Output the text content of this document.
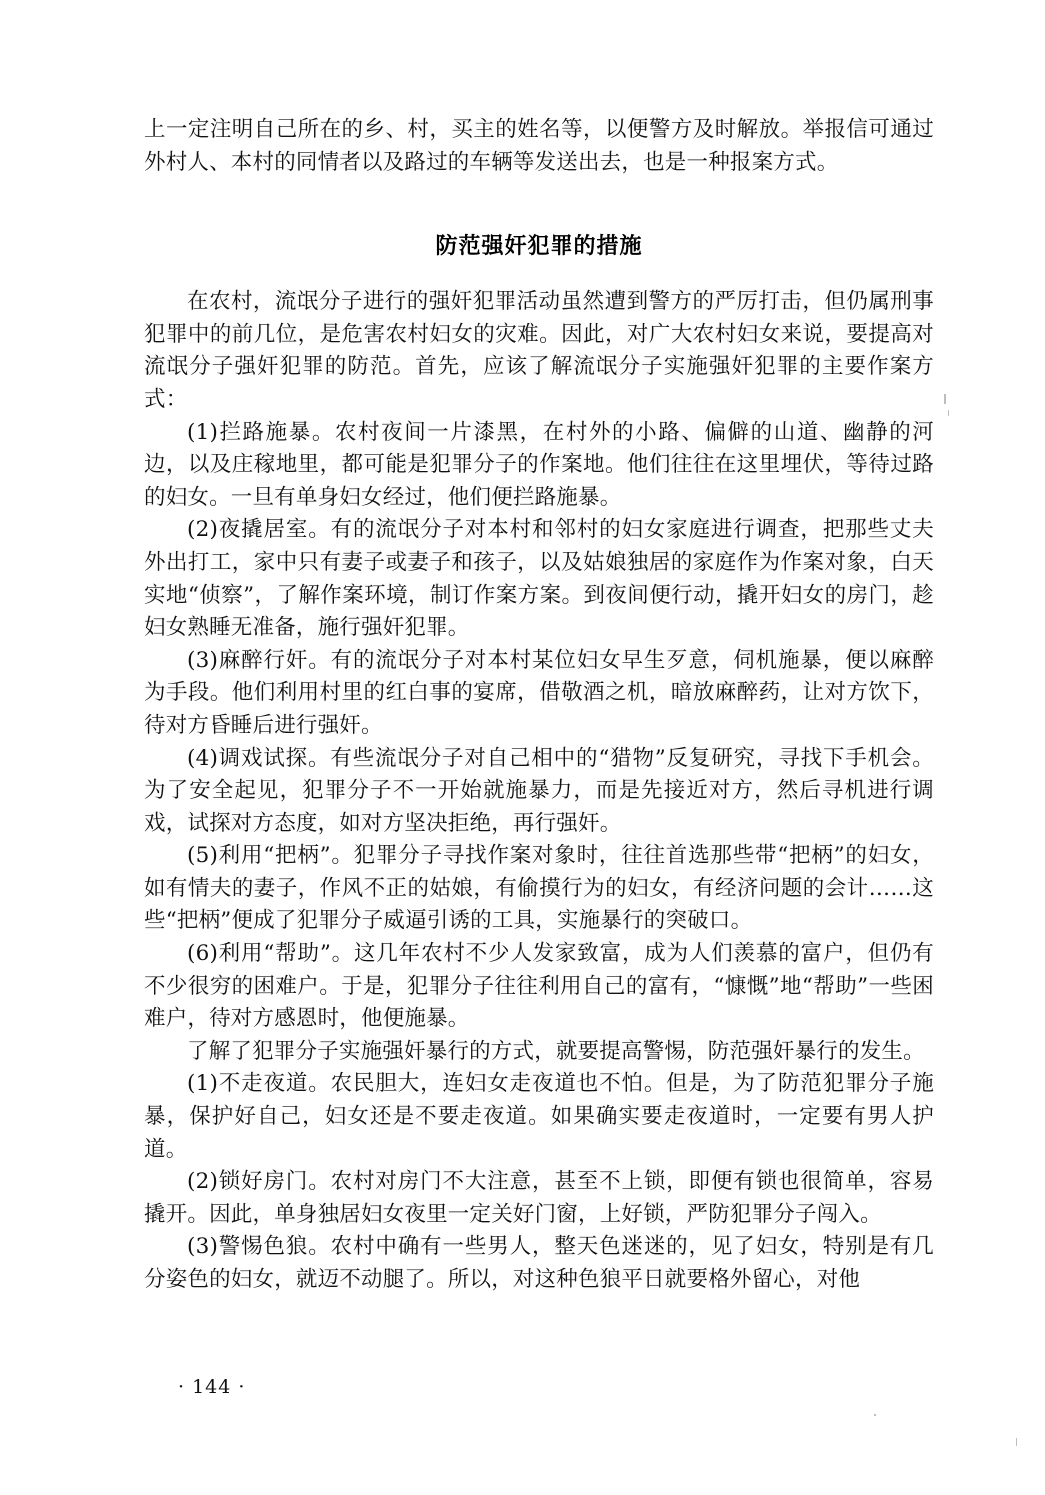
上一定注明自己所在的乡、村，买主的姓名等，以便警方及时解放。举报信可通过外村人、本村的同情者以及路过的车辆等发送出去，也是一种报案方式。

防范强奸犯罪的措施

在农村，流氓分子进行的强奸犯罪活动虽然遭到警方的严厉打击，但仍属刑事犯罪中的前几位，是危害农村妇女的灾难。因此，对广大农村妇女来说，要提高对流氓分子强奸犯罪的防范。首先，应该了解流氓分子实施强奸犯罪的主要作案方式：

(1)拦路施暴。农村夜间一片漆黑，在村外的小路、偏僻的山道、幽静的河边，以及庄稼地里，都可能是犯罪分子的作案地。他们往往在这里埋伏，等待过路的妇女。一旦有单身妇女经过，他们便拦路施暴。

(2)夜撬居室。有的流氓分子对本村和邻村的妇女家庭进行调查，把那些丈夫外出打工，家中只有妻子或妻子和孩子，以及姑娘独居的家庭作为作案对象，白天实地“侦察”，了解作案环境，制订作案方案。到夜间便行动，撬开妇女的房门，趁妇女熟睡无准备，施行强奸犯罪。

(3)麻醉行奸。有的流氓分子对本村某位妇女早生歹意，伺机施暴，便以麻醉为手段。他们利用村里的红白事的宴席，借敬酒之机，暗放麻醉药，让对方饮下，待对方昏睡后进行强奸。

(4)调戏试探。有些流氓分子对自己相中的“猎物”反复研究，寻找下手机会。为了安全起见，犯罪分子不一开始就施暴力，而是先接近对方，然后寻机进行调戏，试探对方态度，如对方坚决拒绝，再行强奸。

(5)利用“把柄”。犯罪分子寻找作案对象时，往往首选那些带“把柄”的妇女，如有情夫的妻子，作风不正的姑娘，有偷摸行为的妇女，有经济问题的会计……这些“把柄”便成了犯罪分子威逼引诱的工具，实施暴行的突破口。

(6)利用“帮助”。这几年农村不少人发家致富，成为人们羡慕的富户，但仍有不少很穷的困难户。于是，犯罪分子往往利用自己的富有，“慷慨”地“帮助”一些困难户，待对方感恩时，他便施暴。

了解了犯罪分子实施强奸暴行的方式，就要提高警惕，防范强奸暴行的发生。

(1)不走夜道。农民胆大，连妇女走夜道也不怕。但是，为了防范犯罪分子施暴，保护好自己，妇女还是不要走夜道。如果确实要走夜道时，一定要有男人护道。

(2)锁好房门。农村对房门不大注意，甚至不上锁，即便有锁也很简单，容易撬开。因此，单身独居妇女夜里一定关好门窗，上好锁，严防犯罪分子闯入。

(3)警惕色狼。农村中确有一些男人，整天色迷迷的，见了妇女，特别是有几分姿色的妇女，就迈不动腿了。所以，对这种色狼平日就要格外留心，对他

· 144 ·
